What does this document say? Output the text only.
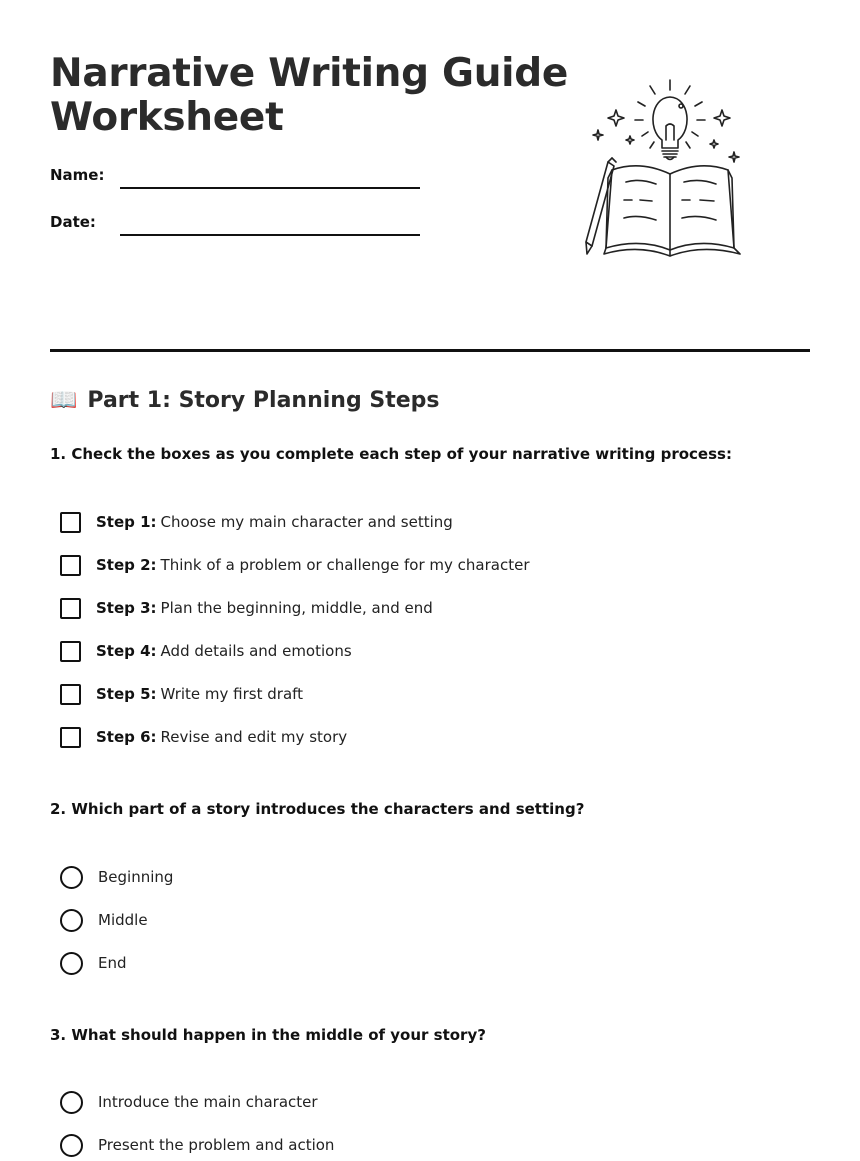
Narrative Writing Guide
Worksheet
Name:
Date:
📖 Part 1: Story Planning Steps

1. Check the boxes as you complete each step of your narrative writing process:

Step 1: Choose my main character and setting
Step 2: Think of a problem or challenge for my character
Step 3: Plan the beginning, middle, and end
Step 4: Add details and emotions
Step 5: Write my first draft
Step 6: Revise and edit my story

2. Which part of a story introduces the characters and setting?

Beginning
Middle
End

3. What should happen in the middle of your story?

Introduce the main character
Present the problem and action
